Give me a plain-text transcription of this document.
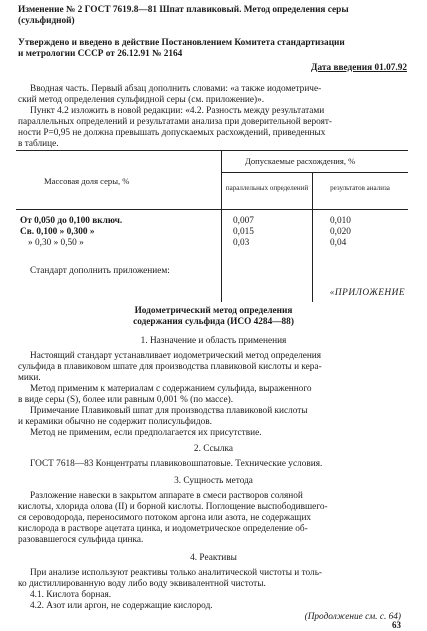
Изменение № 2 ГОСТ 7619.8—81 Шпат плавиковый. Метод определения серы
(сульфидной)
Утверждено и введено в действие Постановлением Комитета стандартизации
и метрологии СССР от 26.12.91 № 2164
Дата введения 01.07.92
Вводная часть. Первый абзац дополнить словами: «а также иодометриче-
ский метод определения сульфидной серы (см. приложение)».
Пункт 4.2 изложить в новой редакции: «4.2. Разность между результатами
параллельных определений и результатами анализа при доверительной вероят-
ности P=0,95 не должна превышать допускаемых расхождений, приведенных
в таблице.
Массовая доля серы, %
Допускаемые расхождения, %
параллельных определений	результатов анализа
От 0,050 до 0,100 включ.	0,007	0,010
Св. 0,100 » 0,300 »	0,015	0,020
» 0,30 » 0,50 »	0,03	0,04
Стандарт дополнить приложением:
«ПРИЛОЖЕНИЕ
Иодометрический метод определения
содержания сульфида (ИСО 4284—88)
1. Назначение и область применения
Настоящий стандарт устанавливает иодометрический метод определения
сульфида в плавиковом шпате для производства плавиковой кислоты и кера-
мики.
Метод применим к материалам с содержанием сульфида, выраженного
в виде серы (S), более или равным 0,001 % (по массе).
Примечание Плавиковый шпат для производства плавиковой кислоты
и керамики обычно не содержит полисульфидов.
Метод не применим, если предполагается их присутствие.
2. Ссылка
ГОСТ 7618—83 Концентраты плавиковошпатовые. Технические условия.
3. Сущность метода
Разложение навески в закрытом аппарате в смеси растворов соляной
кислоты, хлорида олова (II) и борной кислоты. Поглощение выспободившего-
ся сероводорода, переносимого потоком аргона или азота, не содержащих
кислорода в растворе ацетата цинка, и иодометрическое определение об-
разовавшегося сульфида цинка.
4. Реактивы
При анализе используют реактивы только аналитической чистоты и толь-
ко дистиллированную воду либо воду эквивалентной чистоты.
4.1. Кислота борная.
4.2. Азот или аргон, не содержащие кислород.
(Продолжение см. с. 64)
63
